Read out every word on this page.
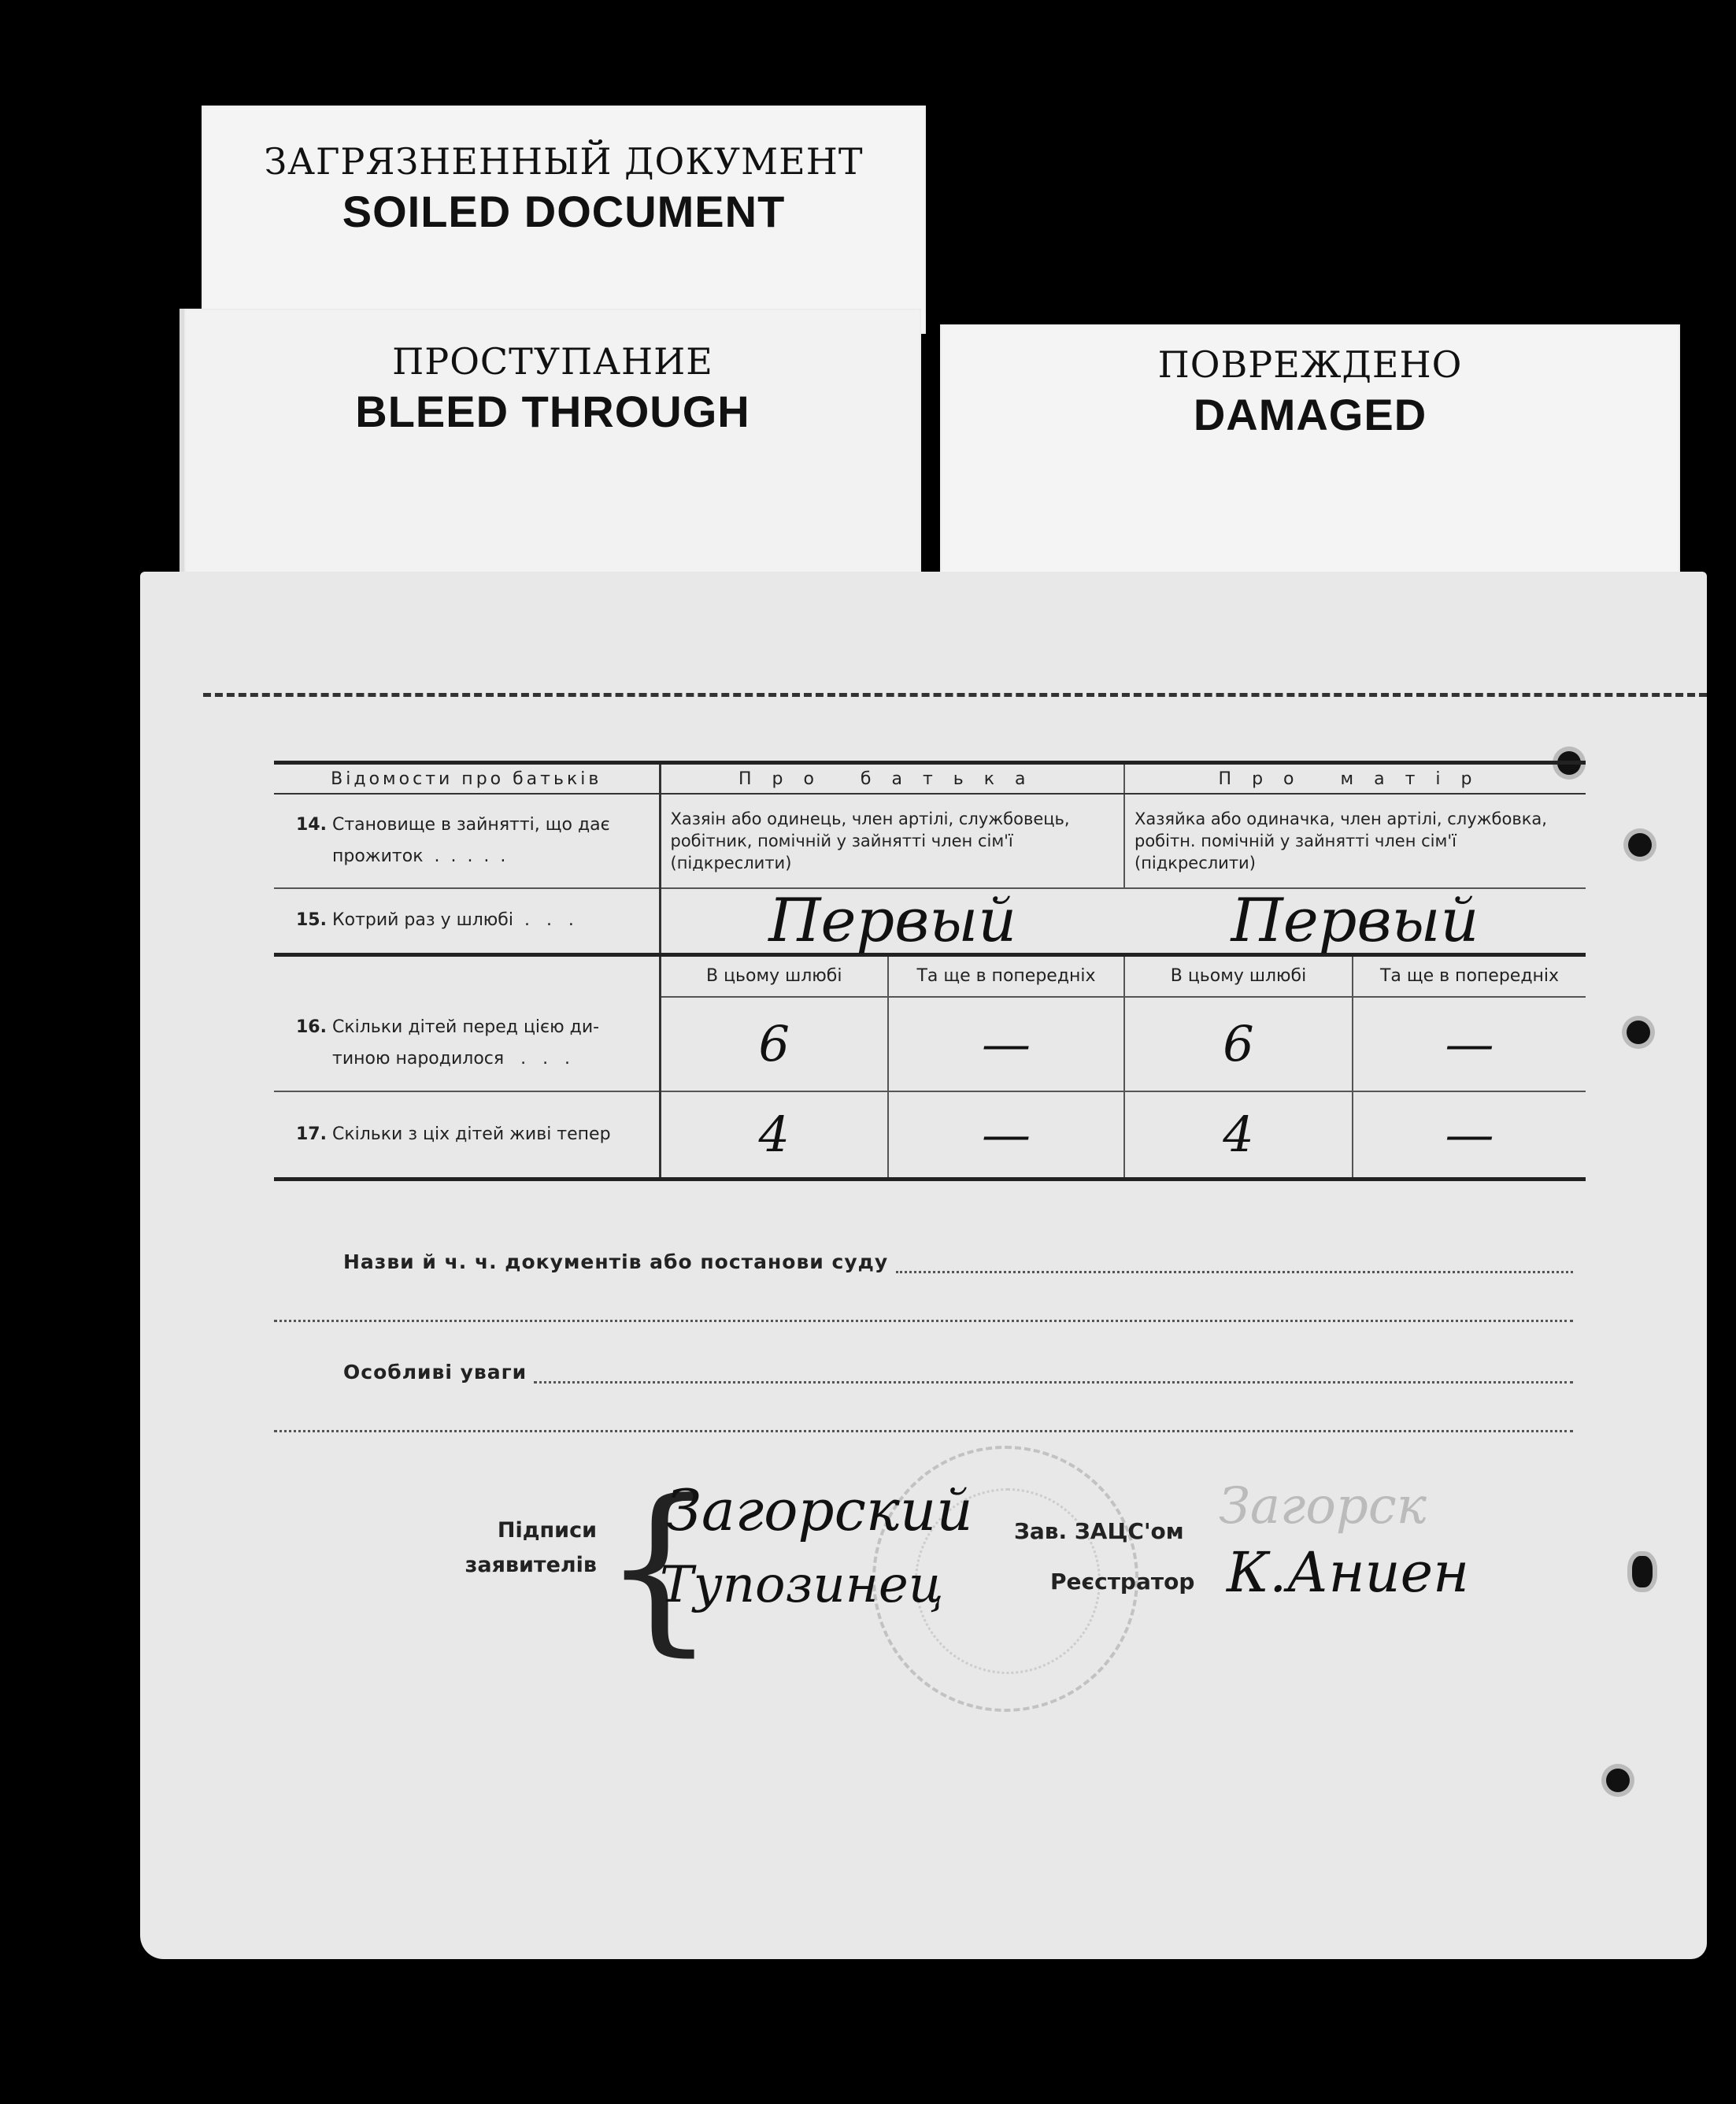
ЗАГРЯЗНЕННЫЙ ДОКУМЕНТ
SOILED DOCUMENT
ПРОСТУПАНИЕ
BLEED THROUGH
ПОВРЕЖДЕНО
DAMAGED
Відомости про батьків	Про батька		Про матір	

14. Становище в зайнятті, що дає
прожиток  .  .  .  .  .	Хазяін або одинець, член артілі, службовець, робітник, помічній у зайнятті член сім'ї (підкреслити)		Хазяйка або одиначка, член артілі, службовка, робітн. помічній у зайнятті член сім'ї (підкреслити)	
15. Котрий раз у шлюбі  .   .   .	Первый		Первый	

16. Скільки дітей перед цією ди-
тиною народилося   .   .   .	В цьому шлюбі	Та ще в попередніх	В цьому шлюбі	Та ще в попередніх
	6	—	6	—
17. Скільки з ціх дітей живі тепер	4	—	4	—
Назви й ч. ч. документів або постанови суду
Особливі уваги
Підписи
заявителів {
Загорский
Тупозинец
Зав. ЗАЦС'ом Загорск
Реєстратор К.Аниен
